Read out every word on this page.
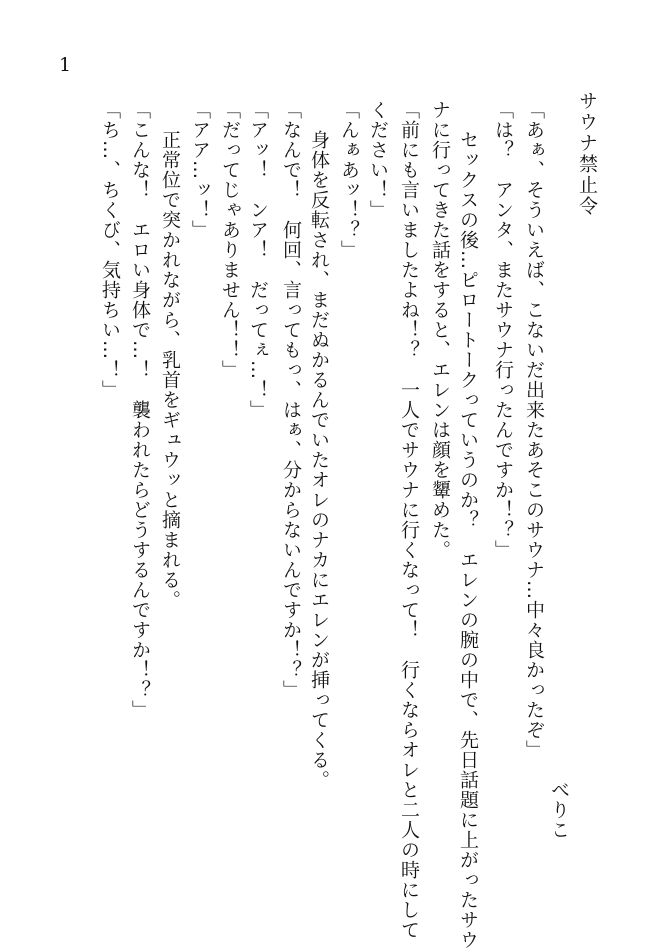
1
サウナ禁止令
べりこ
「あぁ、そういえば、こないだ出来たあそこのサウナ…中々良かったぞ」
「は？　アンタ、またサウナ行ったんですか！？」
セックスの後…ピロートークっていうのか？　エレンの腕の中で、先日話題に上がったサウ
ナに行ってきた話をすると、エレンは顔を顰めた。
「前にも言いましたよね！？　一人でサウナに行くなって！　行くならオレと二人の時にして
ください！」
「んぁあッ！？」
身体を反転され、まだぬかるんでいたオレのナカにエレンが挿ってくる。
「なんで！　何回、言ってもっ、はぁ、分からないんですか！？」
「アッ！　ンア！　だってぇ…！」
「だってじゃありません！！」
「アア…ッ！」
正常位で突かれながら、乳首をギュウッと摘まれる。
「こんな！　エロい身体で…！　襲われたらどうするんですか！？」
「ち…、ちくび、気持ちい…！」
